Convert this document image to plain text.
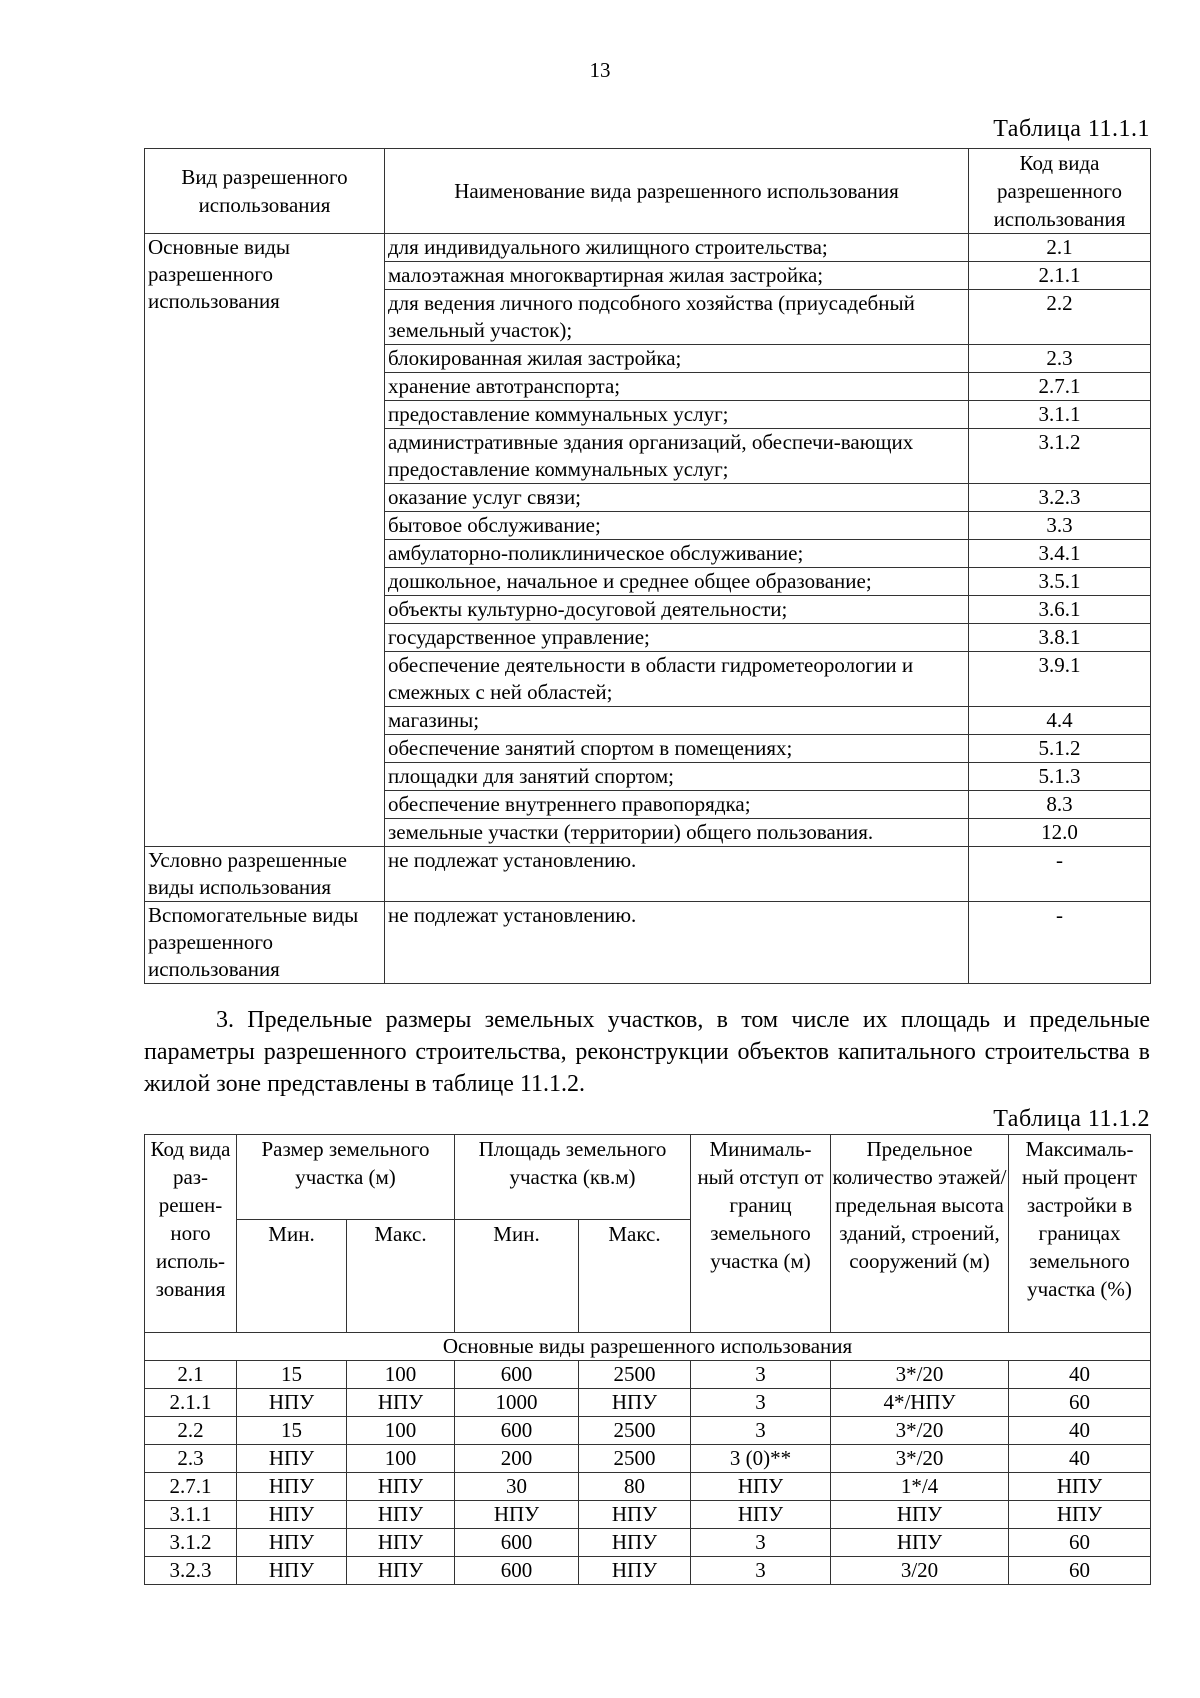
13
Таблица 11.1.1
Вид разрешенного использования	Наименование вида разрешенного использования	Код вида разрешенного использования
Основные виды разрешенного использования	для индивидуального жилищного строительства;	2.1
	малоэтажная многоквартирная жилая застройка;	2.1.1
	для ведения личного подсобного хозяйства (приусадебный земельный участок);	2.2
	блокированная жилая застройка;	2.3
	хранение автотранспорта;	2.7.1
	предоставление коммунальных услуг;	3.1.1
	административные здания организаций, обеспечи-вающих предоставление коммунальных услуг;	3.1.2
	оказание услуг связи;	3.2.3
	бытовое обслуживание;	3.3
	амбулаторно-поликлиническое обслуживание;	3.4.1
	дошкольное, начальное и среднее общее образование;	3.5.1
	объекты культурно-досуговой деятельности;	3.6.1
	государственное управление;	3.8.1
	обеспечение деятельности в области гидрометеорологии и смежных с ней областей;	3.9.1
	магазины;	4.4
	обеспечение занятий спортом в помещениях;	5.1.2
	площадки для занятий спортом;	5.1.3
	обеспечение внутреннего правопорядка;	8.3
	земельные участки (территории) общего пользования.	12.0
Условно разрешенные виды использования	не подлежат установлению.	-
Вспомогательные виды разрешенного использования	не подлежат установлению.	-
3. Предельные размеры земельных участков, в том числе их площадь и предельные параметры разрешенного строительства, реконструкции объектов капитального строительства в жилой зоне представлены в таблице 11.1.2.
Таблица 11.1.2
Код вида раз-решен-ного исполь-зования	Размер земельного участка (м)		Площадь земельного участка (кв.м)		Минималь-ный отступ от границ земельного участка (м)	Предельное количество этажей/ предельная высота зданий, строений, сооружений (м)	Максималь-ный процент застройки в границах земельного участка (%)
	Мин.	Макс.	Мин.	Макс.			
Основные виды разрешенного использования							
2.1	15	100	600	2500	3	3*/20	40
2.1.1	НПУ	НПУ	1000	НПУ	3	4*/НПУ	60
2.2	15	100	600	2500	3	3*/20	40
2.3	НПУ	100	200	2500	3 (0)**	3*/20	40
2.7.1	НПУ	НПУ	30	80	НПУ	1*/4	НПУ
3.1.1	НПУ	НПУ	НПУ	НПУ	НПУ	НПУ	НПУ
3.1.2	НПУ	НПУ	600	НПУ	3	НПУ	60
3.2.3	НПУ	НПУ	600	НПУ	3	3/20	60
